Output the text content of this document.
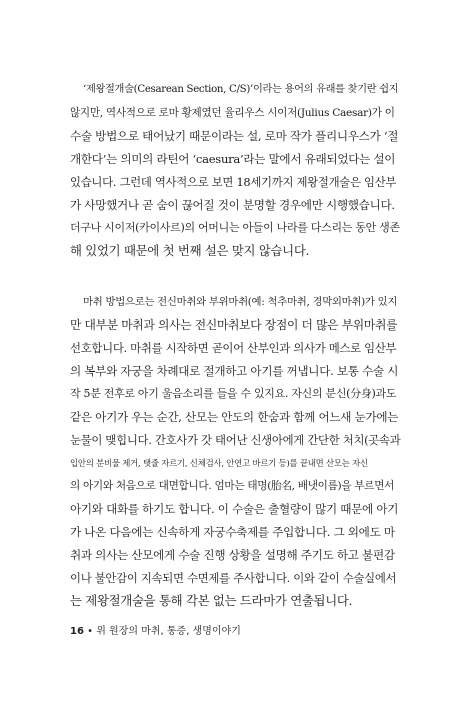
‘제왕절개술(Cesarean Section, C/S)’이라는 용어의 유래를 찾기란 쉽지
않지만, 역사적으로 로마 황제였던 율리우스 시이저(Julius Caesar)가 이
수술 방법으로 태어났기 때문이라는 설, 로마 작가 플리니우스가 ‘절
개한다’는 의미의 라틴어 ‘caesura’라는 말에서 유래되었다는 설이
있습니다. 그런데 역사적으로 보면 18세기까지 제왕절개술은 임산부
가 사망했거나 곧 숨이 끊어질 것이 분명할 경우에만 시행했습니다.
더구나 시이저(카이사르)의 어머니는 아들이 나라를 다스리는 동안 생존
해 있었기 때문에 첫 번째 설은 맞지 않습니다.
마취 방법으로는 전신마취와 부위마취(예: 척추마취, 경막외마취)가 있지
만 대부분 마취과 의사는 전신마취보다 장점이 더 많은 부위마취를
선호합니다. 마취를 시작하면 곧이어 산부인과 의사가 메스로 임산부
의 복부와 자궁을 차례대로 절개하고 아기를 꺼냅니다. 보통 수술 시
작 5분 전후로 아기 울음소리를 들을 수 있지요. 자신의 분신(分身)과도
같은 아기가 우는 순간, 산모는 안도의 한숨과 함께 어느새 눈가에는
눈물이 맺힙니다. 간호사가 갓 태어난 신생아에게 간단한 처치(곳속과
입안의 분비물 제거, 탯줄 자르기, 신체검사, 안연고 바르기 등)를 끝내면 산모는 자신
의 아기와 처음으로 대면합니다. 엄마는 태명(胎名, 배냇이름)을 부르면서
아기와 대화를 하기도 합니다. 이 수술은 출혈량이 많기 때문에 아기
가 나온 다음에는 신속하게 자궁수축제를 주입합니다. 그 외에도 마
취과 의사는 산모에게 수술 진행 상황을 설명해 주기도 하고 불편감
이나 불안감이 지속되면 수면제를 주사합니다. 이와 같이 수술실에서
는 제왕절개술을 통해 각본 없는 드라마가 연출됩니다.
16 • 위 원장의 마취, 통증, 생명이야기
